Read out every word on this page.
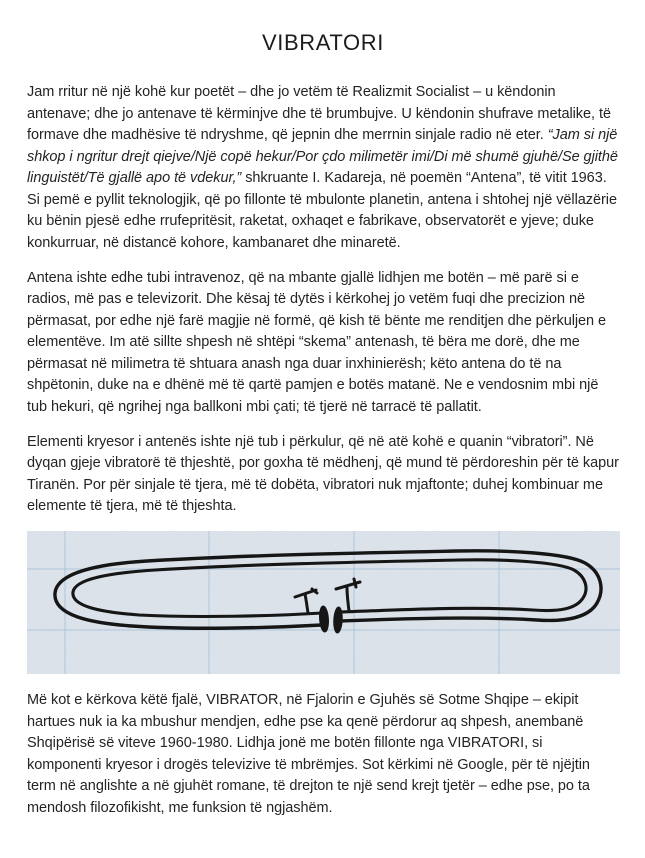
VIBRATORI

Jam rritur në një kohë kur poetët – dhe jo vetëm të Realizmit Socialist – u këndonin antenave; dhe jo antenave të kërminjve dhe të brumbujve. U këndonin shufrave metalike, të formave dhe madhësive të ndryshme, që jepnin dhe merrnin sinjale radio në eter. “Jam si një shkop i ngritur drejt qiejve/Një copë hekur/Por çdo milimetër imi/Di më shumë gjuhë/Se gjithë linguistët/Të gjallë apo të vdekur,” shkruante I. Kadareja, në poemën “Antena”, të vitit 1963. Si pemë e pyllit teknologjik, që po fillonte të mbulonte planetin, antena i shtohej një vëllazërie ku bënin pjesë edhe rrufepritësit, raketat, oxhaqet e fabrikave, observatorët e yjeve; duke konkurruar, në distancë kohore, kambanaret dhe minaretë.

Antena ishte edhe tubi intravenoz, që na mbante gjallë lidhjen me botën – më parë si e radios, më pas e televizorit. Dhe kësaj të dytës i kërkohej jo vetëm fuqi dhe precizion në përmasat, por edhe një farë magjie në formë, që kish të bënte me renditjen dhe përkuljen e elementëve. Im atë sillte shpesh në shtëpi “skema” antenash, të bëra me dorë, dhe me përmasat në milimetra të shtuara anash nga duar inxhinierësh; këto antena do të na shpëtonin, duke na e dhënë më të qartë pamjen e botës matanë. Ne e vendosnim mbi një tub hekuri, që ngrihej nga ballkoni mbi çati; të tjerë në tarracë të pallatit.

Elementi kryesor i antenës ishte një tub i përkulur, që në atë kohë e quanin “vibratori”. Në dyqan gjeje vibratorë të thjeshtë, por goxha të mëdhenj, që mund të përdoreshin për të kapur Tiranën. Por për sinjale të tjera, më të dobëta, vibratori nuk mjaftonte; duhej kombinuar me elemente të tjera, më të thjeshta.

Më kot e kërkova këtë fjalë, VIBRATOR, në Fjalorin e Gjuhës së Sotme Shqipe – ekipit hartues nuk ia ka mbushur mendjen, edhe pse ka qenë përdorur aq shpesh, anembanë Shqipërisë së viteve 1960-1980. Lidhja jonë me botën fillonte nga VIBRATORI, si komponenti kryesor i drogës televizive të mbrëmjes. Sot kërkimi në Google, për të njëjtin term në anglishte a në gjuhët romane, të drejton te një send krejt tjetër – edhe pse, po ta mendosh filozofikisht, me funksion të ngjashëm.
